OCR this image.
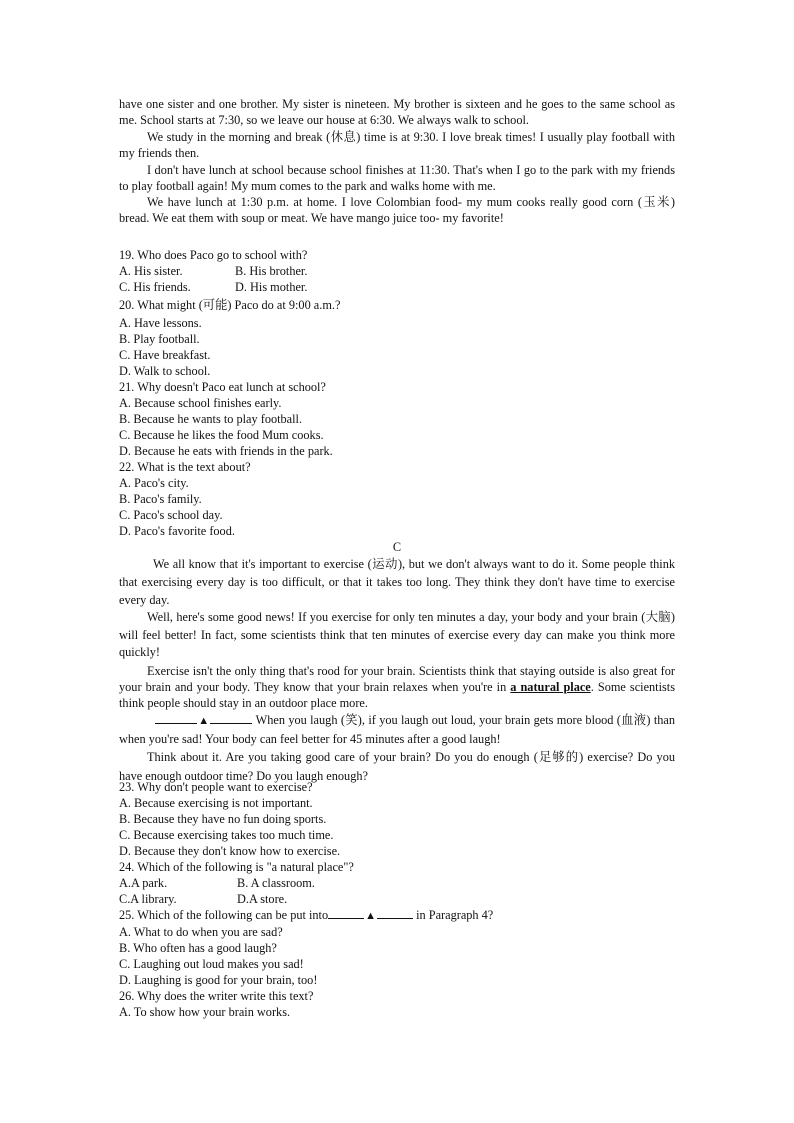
have one sister and one brother. My sister is nineteen. My brother is sixteen and he goes to the same school as me. School starts at 7:30, so we leave our house at 6:30. We always walk to school.

We study in the morning and break (休息) time is at 9:30. I love break times! I usually play football with my friends then.

I don't have lunch at school because school finishes at 11:30. That's when I go to the park with my friends to play football again! My mum comes to the park and walks home with me.

We have lunch at 1:30 p.m. at home. I love Colombian food- my mum cooks really good corn (玉米) bread. We eat them with soup or meat. We have mango juice too- my favorite!

19. Who does Paco go to school with?
A. His sister.	B. His brother.
C. His friends.	D. His mother.
20. What might (可能) Paco do at 9:00 a.m.?
A. Have lessons.
B. Play football.
C. Have breakfast.
D. Walk to school.
21. Why doesn't Paco eat lunch at school?
A. Because school finishes early.
B. Because he wants to play football.
C. Because he likes the food Mum cooks.
D. Because he eats with friends in the park.
22. What is the text about?
A. Paco's city.
B. Paco's family.
C. Paco's school day.
D. Paco's favorite food.
C

We all know that it's important to exercise (运动), but we don't always want to do it. Some people think that exercising every day is too difficult, or that it takes too long. They think they don't have time to exercise every day.

Well, here's some good news! If you exercise for only ten minutes a day, your body and your brain (大脑) will feel better! In fact, some scientists think that ten minutes of exercise every day can make you think more quickly!

Exercise isn't the only thing that's rood for your brain. Scientists think that staying outside is also great for your brain and your body. They know that your brain relaxes when you're in a natural place. Some scientists think people should stay in an outdoor place more.

▲	When you laugh (笑), if you laugh out loud, your brain gets more blood (血液) than when you're sad! Your body can feel better for 45 minutes after a good laugh!

Think about it. Are you taking good care of your brain? Do you do enough (足够的) exercise? Do you have enough outdoor time? Do you laugh enough?

23. Why don't people want to exercise?
A. Because exercising is not important.
B. Because they have no fun doing sports.
C. Because exercising takes too much time.
D. Because they don't know how to exercise.
24. Which of the following is "a natural place"?
A.A park.	B. A classroom.
C.A library.	D.A store.
25. Which of the following can be put into	▲	in Paragraph 4?
A. What to do when you are sad?
B. Who often has a good laugh?
C. Laughing out loud makes you sad!
D. Laughing is good for your brain, too!
26. Why does the writer write this text?
A. To show how your brain works.
